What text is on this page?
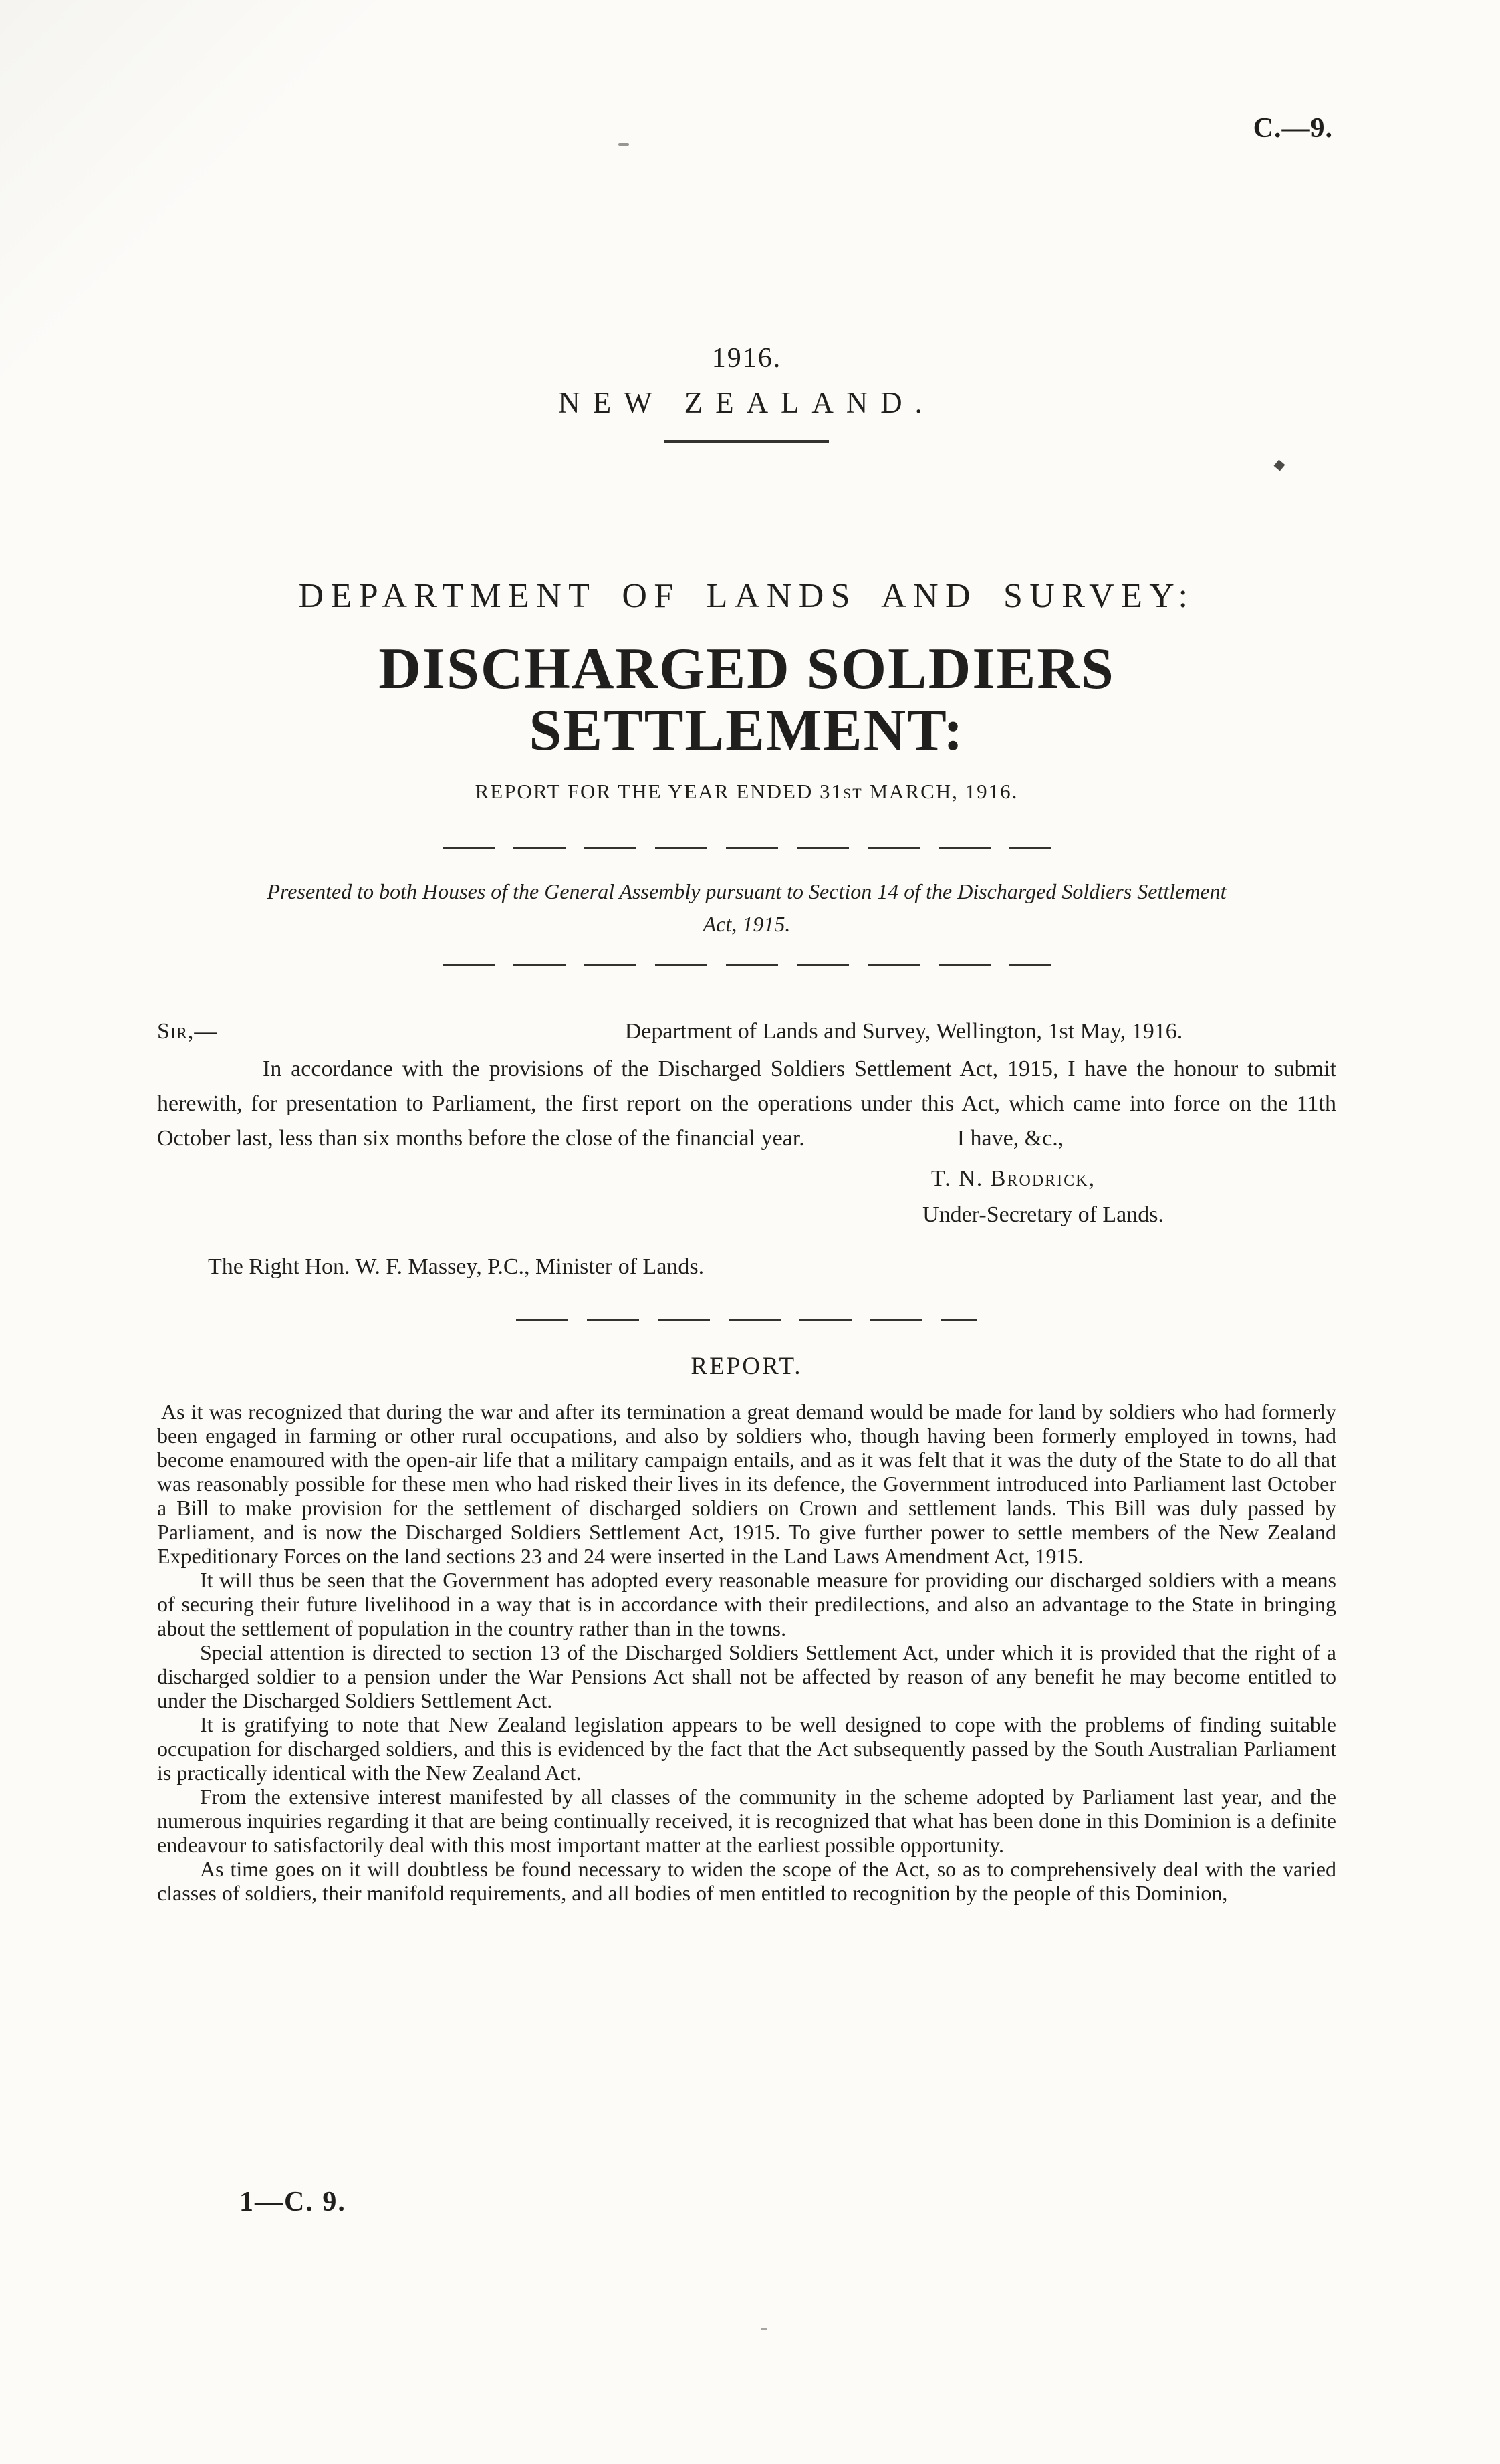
C.—9.
1916.
NEW ZEALAND.
DEPARTMENT OF LANDS AND SURVEY:
DISCHARGED SOLDIERS SETTLEMENT:
REPORT FOR THE YEAR ENDED 31st MARCH, 1916.

Presented to both Houses of the General Assembly pursuant to Section 14 of the Discharged Soldiers Settlement Act, 1915.

Sir,—	Department of Lands and Survey, Wellington, 1st May, 1916.

In accordance with the provisions of the Discharged Soldiers Settlement Act, 1915, I have the honour to submit herewith, for presentation to Parliament, the first report on the operations under this Act, which came into force on the 11th October last, less than six months before the close of the financial year.	I have, &c.,

T. N. Brodrick,
Under-Secretary of Lands.
The Right Hon. W. F. Massey, P.C., Minister of Lands.
REPORT.

As it was recognized that during the war and after its termination a great demand would be made for land by soldiers who had formerly been engaged in farming or other rural occupations, and also by soldiers who, though having been formerly employed in towns, had become enamoured with the open-air life that a military campaign entails, and as it was felt that it was the duty of the State to do all that was reasonably possible for these men who had risked their lives in its defence, the Government introduced into Parliament last October a Bill to make provision for the settlement of discharged soldiers on Crown and settlement lands. This Bill was duly passed by Parliament, and is now the Discharged Soldiers Settlement Act, 1915. To give further power to settle members of the New Zealand Expeditionary Forces on the land sections 23 and 24 were inserted in the Land Laws Amendment Act, 1915.

It will thus be seen that the Government has adopted every reasonable measure for providing our discharged soldiers with a means of securing their future livelihood in a way that is in accordance with their predilections, and also an advantage to the State in bringing about the settlement of population in the country rather than in the towns.

Special attention is directed to section 13 of the Discharged Soldiers Settlement Act, under which it is provided that the right of a discharged soldier to a pension under the War Pensions Act shall not be affected by reason of any benefit he may become entitled to under the Discharged Soldiers Settlement Act.

It is gratifying to note that New Zealand legislation appears to be well designed to cope with the problems of finding suitable occupation for discharged soldiers, and this is evidenced by the fact that the Act subsequently passed by the South Australian Parliament is practically identical with the New Zealand Act.

From the extensive interest manifested by all classes of the community in the scheme adopted by Parliament last year, and the numerous inquiries regarding it that are being continually received, it is recognized that what has been done in this Dominion is a definite endeavour to satisfactorily deal with this most important matter at the earliest possible opportunity.

As time goes on it will doubtless be found necessary to widen the scope of the Act, so as to comprehensively deal with the varied classes of soldiers, their manifold requirements, and all bodies of men entitled to recognition by the people of this Dominion,

1—C. 9.
